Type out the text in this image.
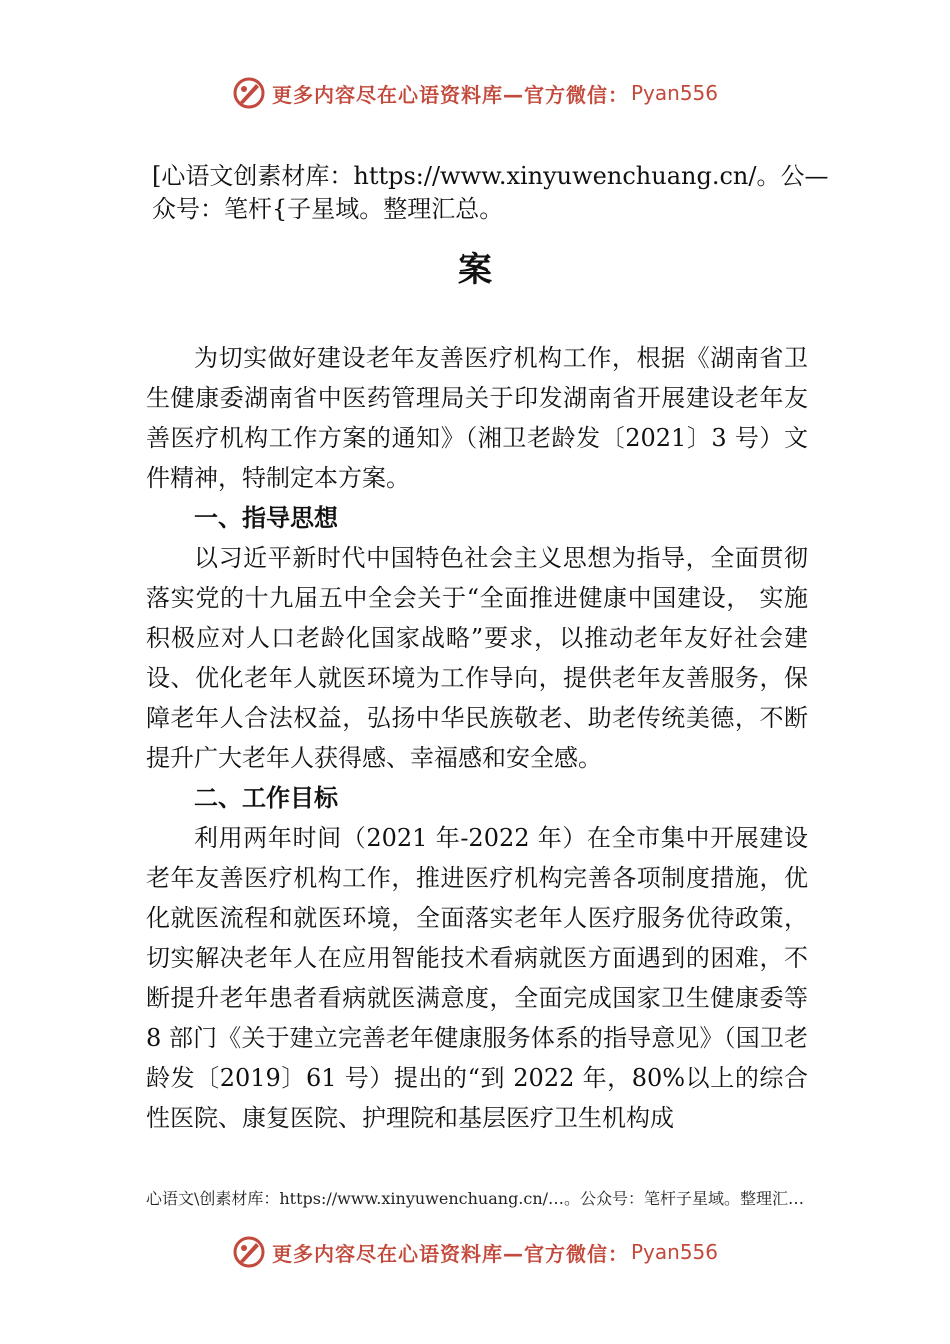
更多内容尽在心语资料库—官方微信： Pyan556
[心语文创素材库：https://www.xinyuwenchuang.cn/。公—众号：笔杆{子星域。整理汇总。
案

为切实做好建设老年友善医疗机构工作，根据《湖南省卫生健康委湖南省中医药管理局关于印发湖南省开展建设老年友善医疗机构工作方案的通知》（湘卫老龄发〔2021〕3 号）文件精神，特制定本方案。

一、指导思想

以习近平新时代中国特色社会主义思想为指导，全面贯彻落实党的十九届五中全会关于“全面推进健康中国建设， 实施积极应对人口老龄化国家战略”要求，以推动老年友好社会建设、优化老年人就医环境为工作导向，提供老年友善服务，保障老年人合法权益，弘扬中华民族敬老、助老传统美德，不断提升广大老年人获得感、幸福感和安全感。

二、工作目标

利用两年时间（2021 年-2022 年）在全市集中开展建设老年友善医疗机构工作，推进医疗机构完善各项制度措施，优化就医流程和就医环境，全面落实老年人医疗服务优待政策，切实解决老年人在应用智能技术看病就医方面遇到的困难，不断提升老年患者看病就医满意度，全面完成国家卫生健康委等 8 部门《关于建立完善老年健康服务体系的指导意见》（国卫老龄发〔2019〕61 号）提出的“到 2022 年，80%以上的综合性医院、康复医院、护理院和基层医疗卫生机构成

心语文\创素材库：https://www.xinyuwenchuang.cn/…。公众号：笔杆子星域。整理汇…
更多内容尽在心语资料库—官方微信： Pyan556
